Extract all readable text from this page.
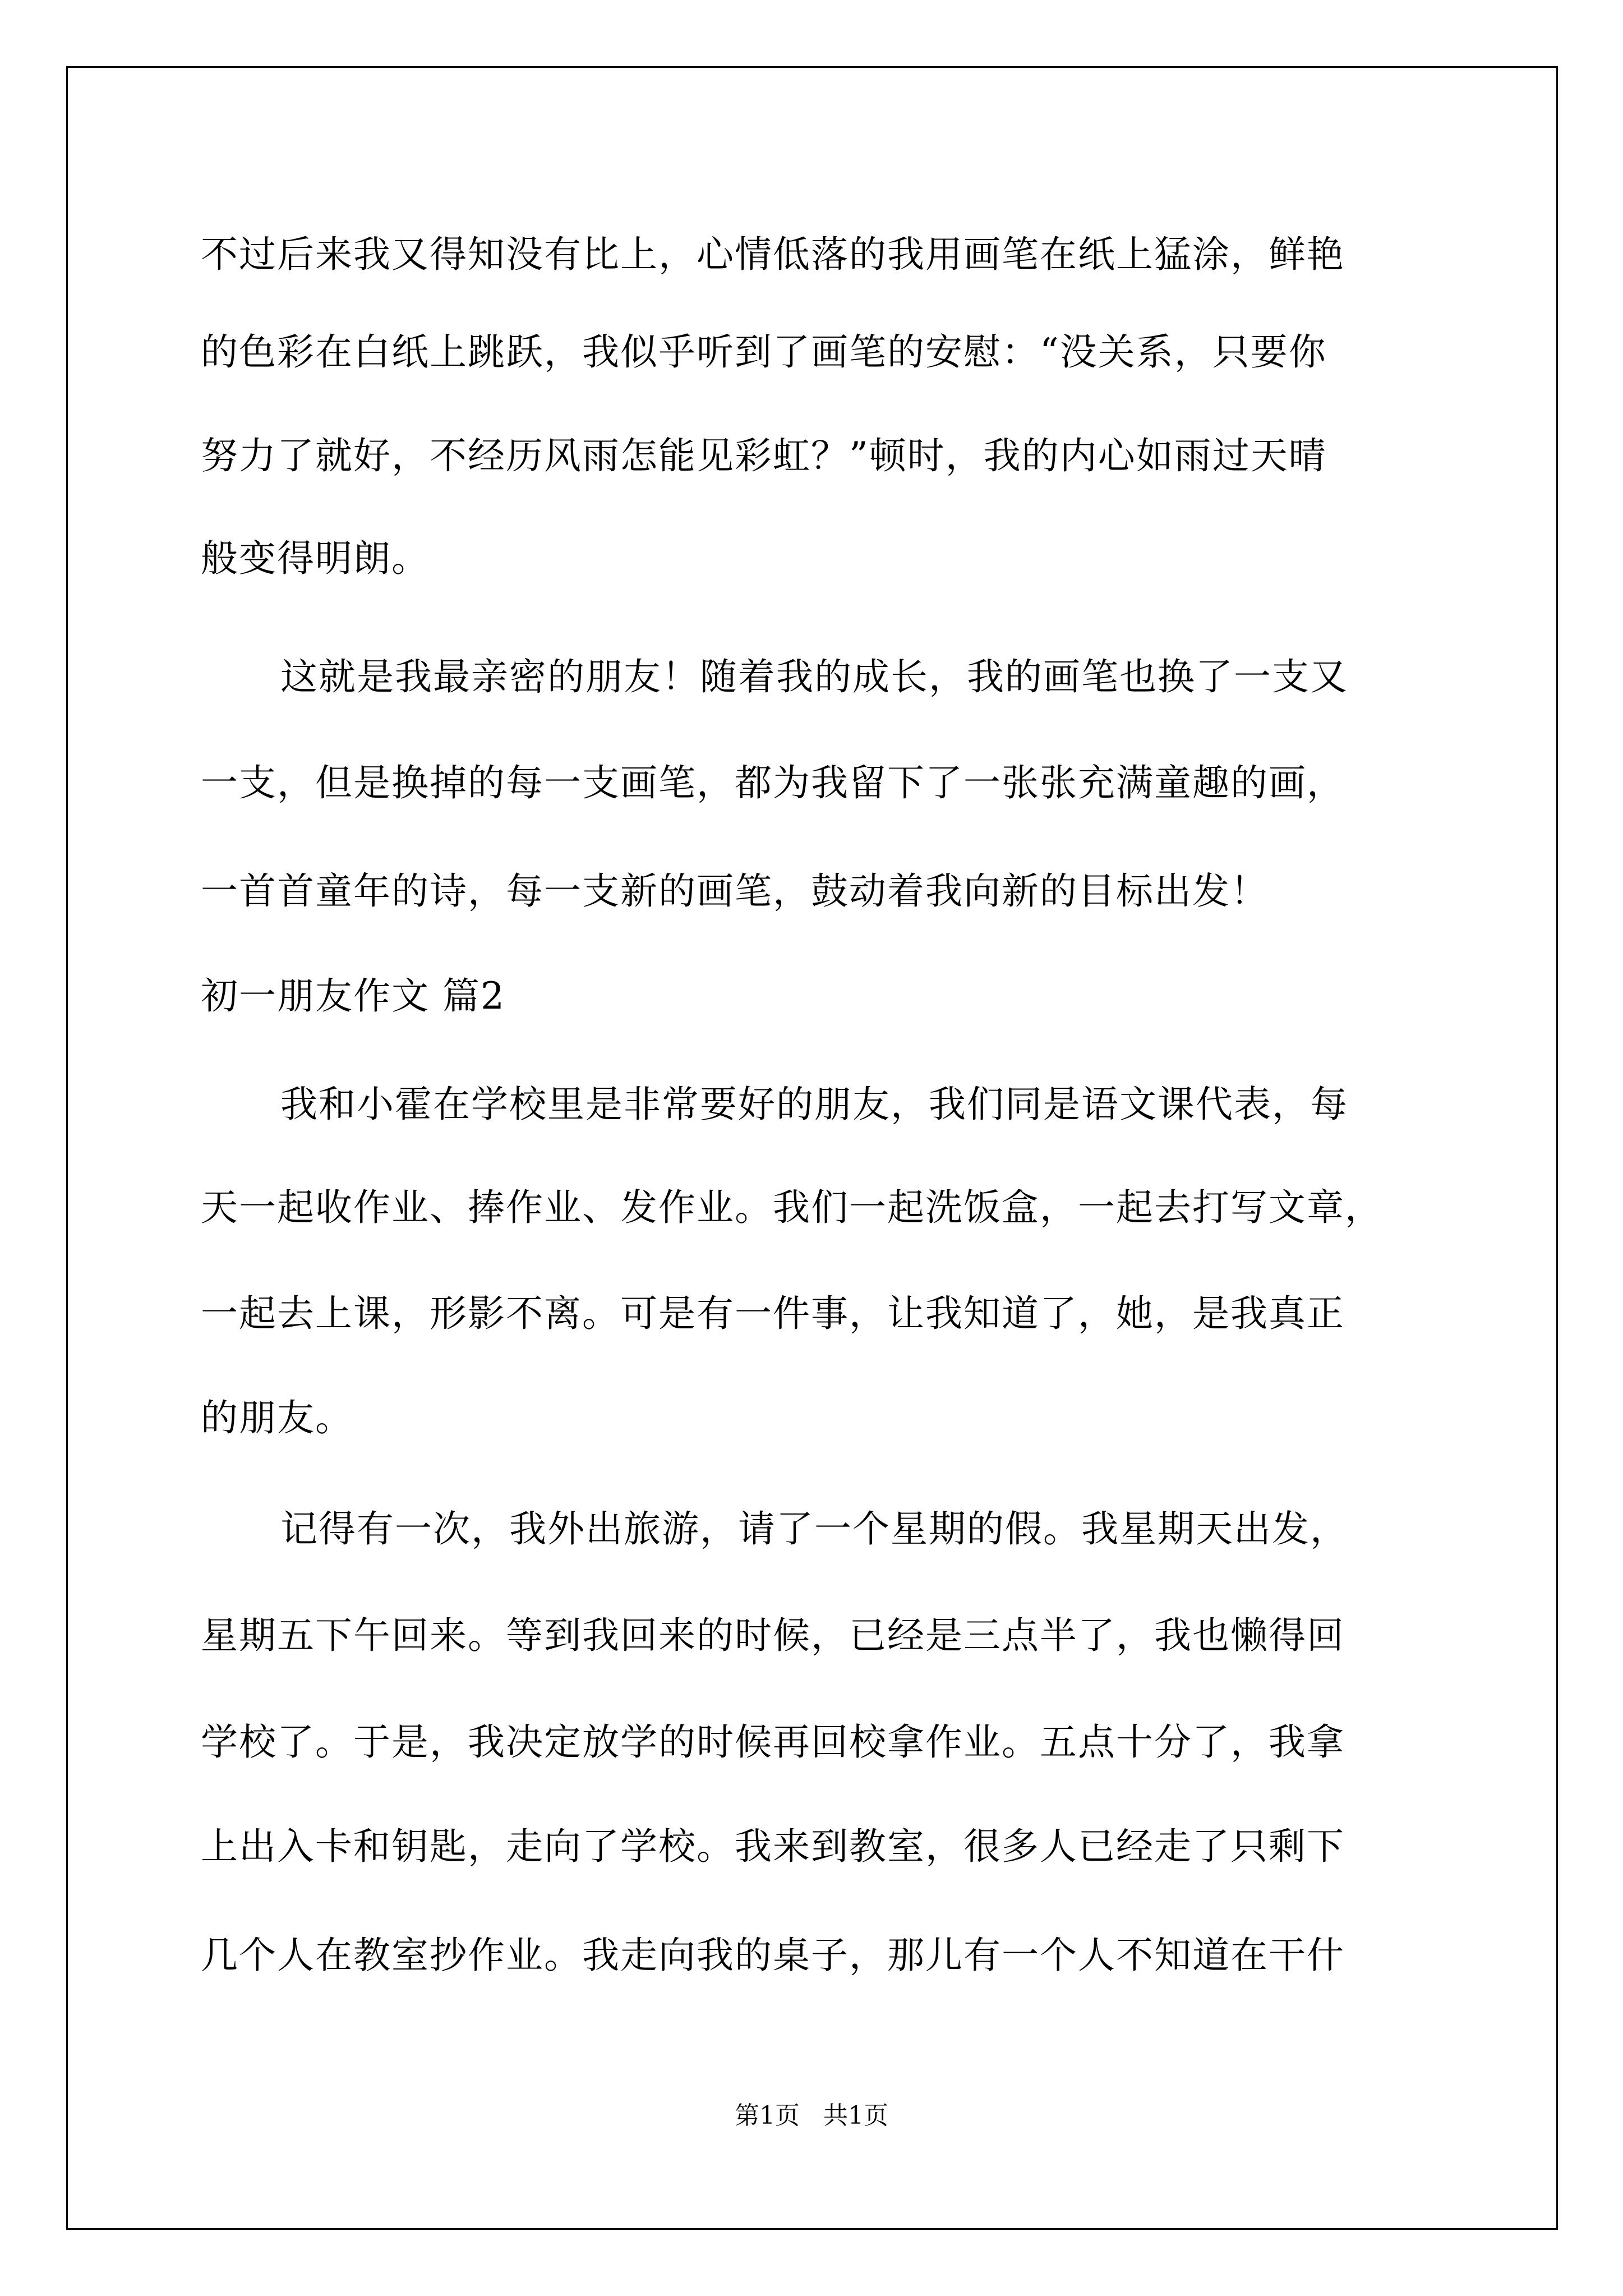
不过后来我又得知没有比上，心情低落的我用画笔在纸上猛涂，鲜艳
的色彩在白纸上跳跃，我似乎听到了画笔的安慰：“没关系，只要你
努力了就好，不经历风雨怎能见彩虹？”顿时，我的内心如雨过天晴
般变得明朗。
这就是我最亲密的朋友！随着我的成长，我的画笔也换了一支又
一支，但是换掉的每一支画笔，都为我留下了一张张充满童趣的画，
一首首童年的诗，每一支新的画笔，鼓动着我向新的目标出发！
初一朋友作文 篇2
我和小霍在学校里是非常要好的朋友，我们同是语文课代表，每
天一起收作业、捧作业、发作业。我们一起洗饭盒，一起去打写文章，
一起去上课，形影不离。可是有一件事，让我知道了，她，是我真正
的朋友。
记得有一次，我外出旅游，请了一个星期的假。我星期天出发，
星期五下午回来。等到我回来的时候，已经是三点半了，我也懒得回
学校了。于是，我决定放学的时候再回校拿作业。五点十分了，我拿
上出入卡和钥匙，走向了学校。我来到教室，很多人已经走了只剩下
几个人在教室抄作业。我走向我的桌子，那儿有一个人不知道在干什
第1页   共1页
